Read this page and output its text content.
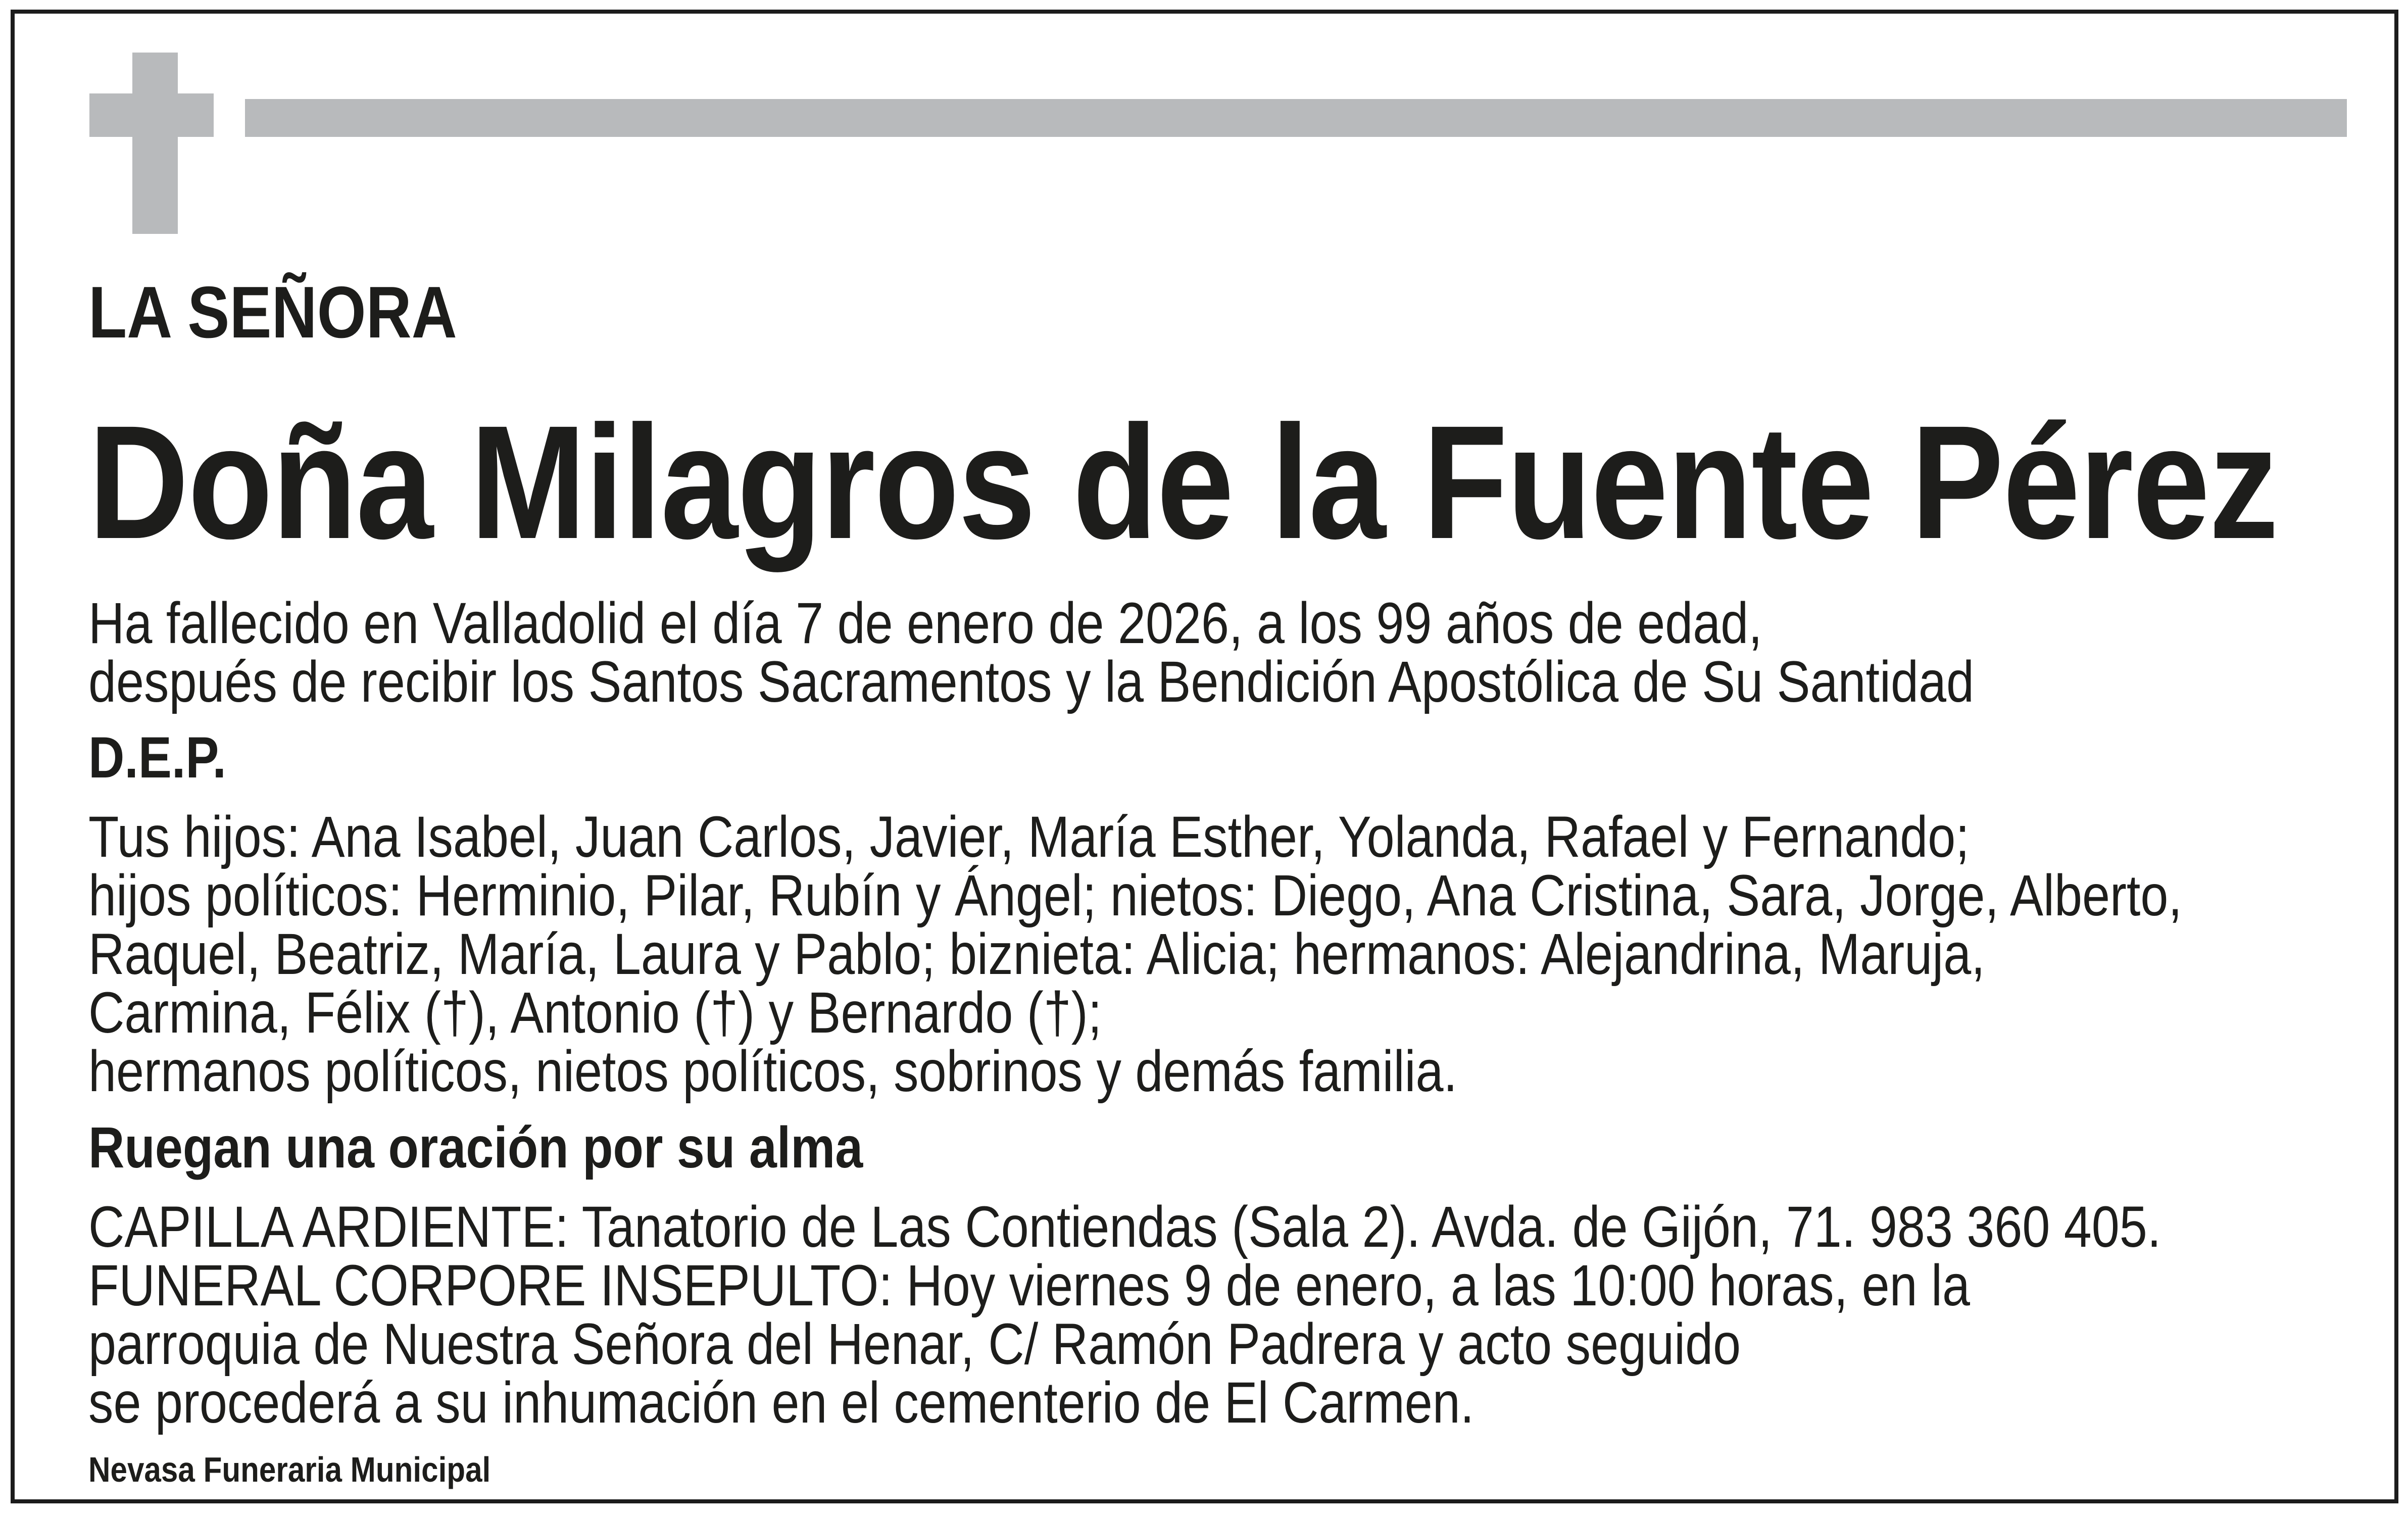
LA SEÑORA
Doña Milagros de la Fuente Pérez
Ha fallecido en Valladolid el día 7 de enero de 2026, a los 99 años de edad,
después de recibir los Santos Sacramentos y la Bendición Apostólica de Su Santidad
D.E.P.
Tus hijos: Ana Isabel, Juan Carlos, Javier, María Esther, Yolanda, Rafael y Fernando;
hijos políticos: Herminio, Pilar, Rubín y Ángel; nietos: Diego, Ana Cristina, Sara, Jorge, Alberto,
Raquel, Beatriz, María, Laura y Pablo; biznieta: Alicia; hermanos: Alejandrina, Maruja,
Carmina, Félix (†), Antonio (†) y Bernardo (†);
hermanos políticos, nietos políticos, sobrinos y demás familia.
Ruegan una oración por su alma
CAPILLA ARDIENTE: Tanatorio de Las Contiendas (Sala 2). Avda. de Gijón, 71. 983 360 405.
FUNERAL CORPORE INSEPULTO: Hoy viernes 9 de enero, a las 10:00 horas, en la
parroquia de Nuestra Señora del Henar, C/ Ramón Padrera y acto seguido
se procederá a su inhumación en el cementerio de El Carmen.
Nevasa Funeraria Municipal
